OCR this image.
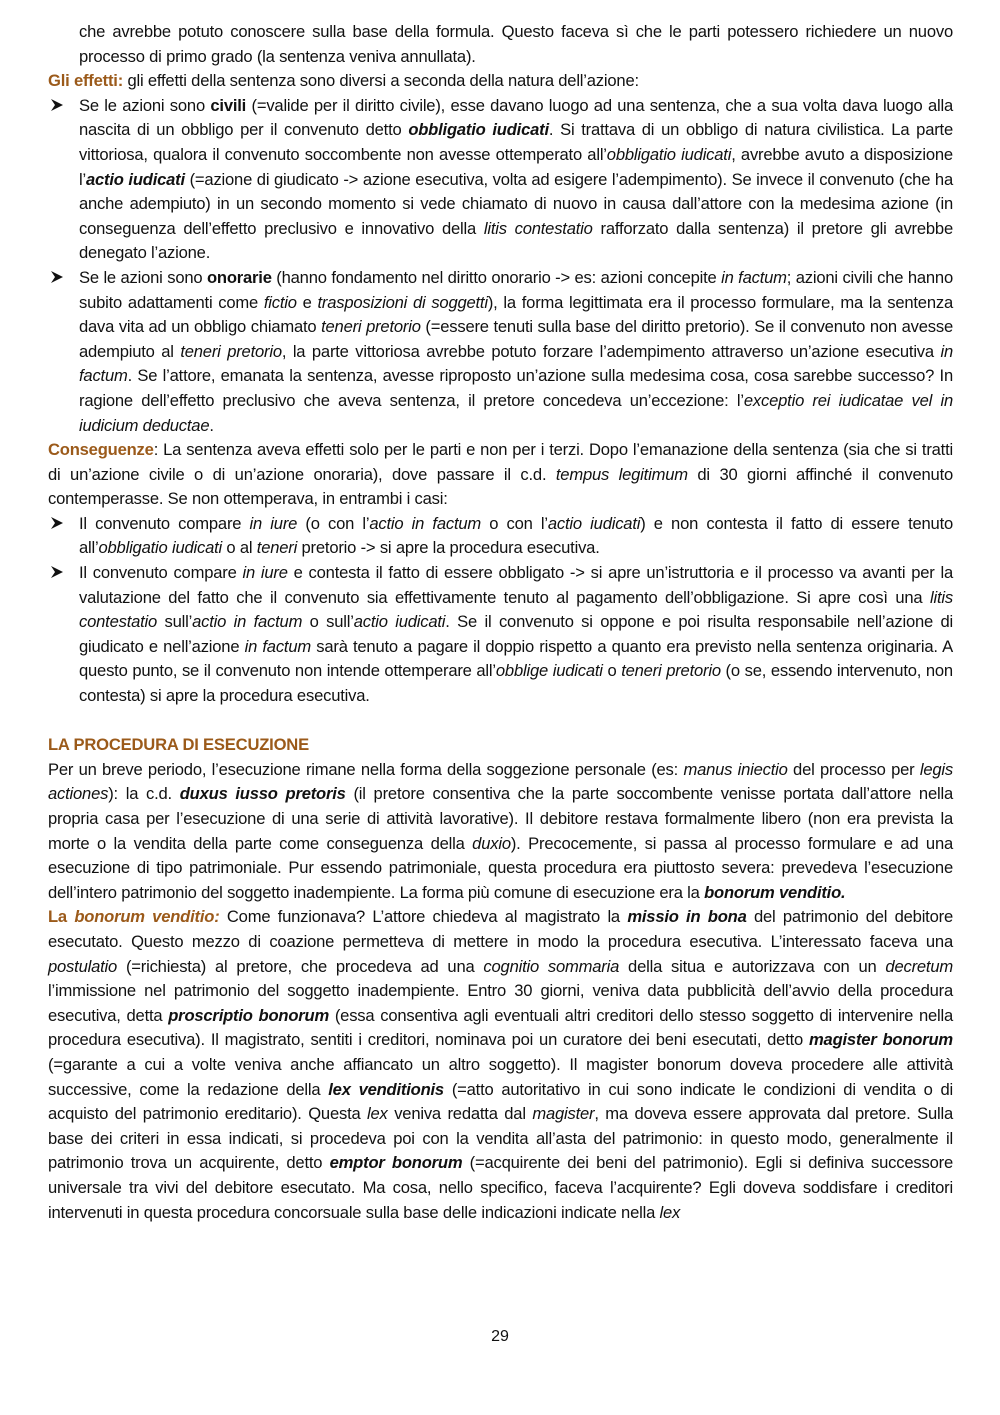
che avrebbe potuto conoscere sulla base della formula. Questo faceva sì che le parti potessero richiedere un nuovo processo di primo grado (la sentenza veniva annullata).

Gli effetti: gli effetti della sentenza sono diversi a seconda della natura dell’azione:

Se le azioni sono civili (=valide per il diritto civile), esse davano luogo ad una sentenza, che a sua volta dava luogo alla nascita di un obbligo per il convenuto detto obbligatio iudicati. Si trattava di un obbligo di natura civilistica. La parte vittoriosa, qualora il convenuto soccombente non avesse ottemperato all’obbligatio iudicati, avrebbe avuto a disposizione l’actio iudicati (=azione di giudicato -> azione esecutiva, volta ad esigere l’adempimento). Se invece il convenuto (che ha anche adempiuto) in un secondo momento si vede chiamato di nuovo in causa dall’attore con la medesima azione (in conseguenza dell’effetto preclusivo e innovativo della litis contestatio rafforzato dalla sentenza) il pretore gli avrebbe denegato l’azione.

Se le azioni sono onorarie (hanno fondamento nel diritto onorario -> es: azioni concepite in factum; azioni civili che hanno subito adattamenti come fictio e trasposizioni di soggetti), la forma legittimata era il processo formulare, ma la sentenza dava vita ad un obbligo chiamato teneri pretorio (=essere tenuti sulla base del diritto pretorio). Se il convenuto non avesse adempiuto al teneri pretorio, la parte vittoriosa avrebbe potuto forzare l’adempimento attraverso un’azione esecutiva in factum. Se l’attore, emanata la sentenza, avesse riproposto un’azione sulla medesima cosa, cosa sarebbe successo? In ragione dell’effetto preclusivo che aveva sentenza, il pretore concedeva un’eccezione: l’exceptio rei iudicatae vel in iudicium deductae.

Conseguenze: La sentenza aveva effetti solo per le parti e non per i terzi. Dopo l’emanazione della sentenza (sia che si tratti di un’azione civile o di un’azione onoraria), dove passare il c.d. tempus legitimum di 30 giorni affinché il convenuto contemperasse. Se non ottemperava, in entrambi i casi:

Il convenuto compare in iure (o con l’actio in factum o con l’actio iudicati) e non contesta il fatto di essere tenuto all’obbligatio iudicati o al teneri pretorio -> si apre la procedura esecutiva.

Il convenuto compare in iure e contesta il fatto di essere obbligato -> si apre un’istruttoria e il processo va avanti per la valutazione del fatto che il convenuto sia effettivamente tenuto al pagamento dell’obbligazione. Si apre così una litis contestatio sull’actio in factum o sull’actio iudicati. Se il convenuto si oppone e poi risulta responsabile nell’azione di giudicato e nell’azione in factum sarà tenuto a pagare il doppio rispetto a quanto era previsto nella sentenza originaria. A questo punto, se il convenuto non intende ottemperare all’obblige iudicati o teneri pretorio (o se, essendo intervenuto, non contesta) si apre la procedura esecutiva.

LA PROCEDURA DI ESECUZIONE

Per un breve periodo, l’esecuzione rimane nella forma della soggezione personale (es: manus iniectio del processo per legis actiones): la c.d. duxus iusso pretoris (il pretore consentiva che la parte soccombente venisse portata dall’attore nella propria casa per l’esecuzione di una serie di attività lavorative). Il debitore restava formalmente libero (non era prevista la morte o la vendita della parte come conseguenza della duxio). Precocemente, si passa al processo formulare e ad una esecuzione di tipo patrimoniale. Pur essendo patrimoniale, questa procedura era piuttosto severa: prevedeva l’esecuzione dell’intero patrimonio del soggetto inadempiente. La forma più comune di esecuzione era la bonorum venditio.

La bonorum venditio: Come funzionava? L’attore chiedeva al magistrato la missio in bona del patrimonio del debitore esecutato. Questo mezzo di coazione permetteva di mettere in modo la procedura esecutiva. L’interessato faceva una postulatio (=richiesta) al pretore, che procedeva ad una cognitio sommaria della situa e autorizzava con un decretum l’immissione nel patrimonio del soggetto inadempiente. Entro 30 giorni, veniva data pubblicità dell’avvio della procedura esecutiva, detta proscriptio bonorum (essa consentiva agli eventuali altri creditori dello stesso soggetto di intervenire nella procedura esecutiva). Il magistrato, sentiti i creditori, nominava poi un curatore dei beni esecutati, detto magister bonorum (=garante a cui a volte veniva anche affiancato un altro soggetto). Il magister bonorum doveva procedere alle attività successive, come la redazione della lex venditionis (=atto autoritativo in cui sono indicate le condizioni di vendita o di acquisto del patrimonio ereditario). Questa lex veniva redatta dal magister, ma doveva essere approvata dal pretore. Sulla base dei criteri in essa indicati, si procedeva poi con la vendita all’asta del patrimonio: in questo modo, generalmente il patrimonio trova un acquirente, detto emptor bonorum (=acquirente dei beni del patrimonio). Egli si definiva successore universale tra vivi del debitore esecutato. Ma cosa, nello specifico, faceva l’acquirente? Egli doveva soddisfare i creditori intervenuti in questa procedura concorsuale sulla base delle indicazioni indicate nella lex

29
